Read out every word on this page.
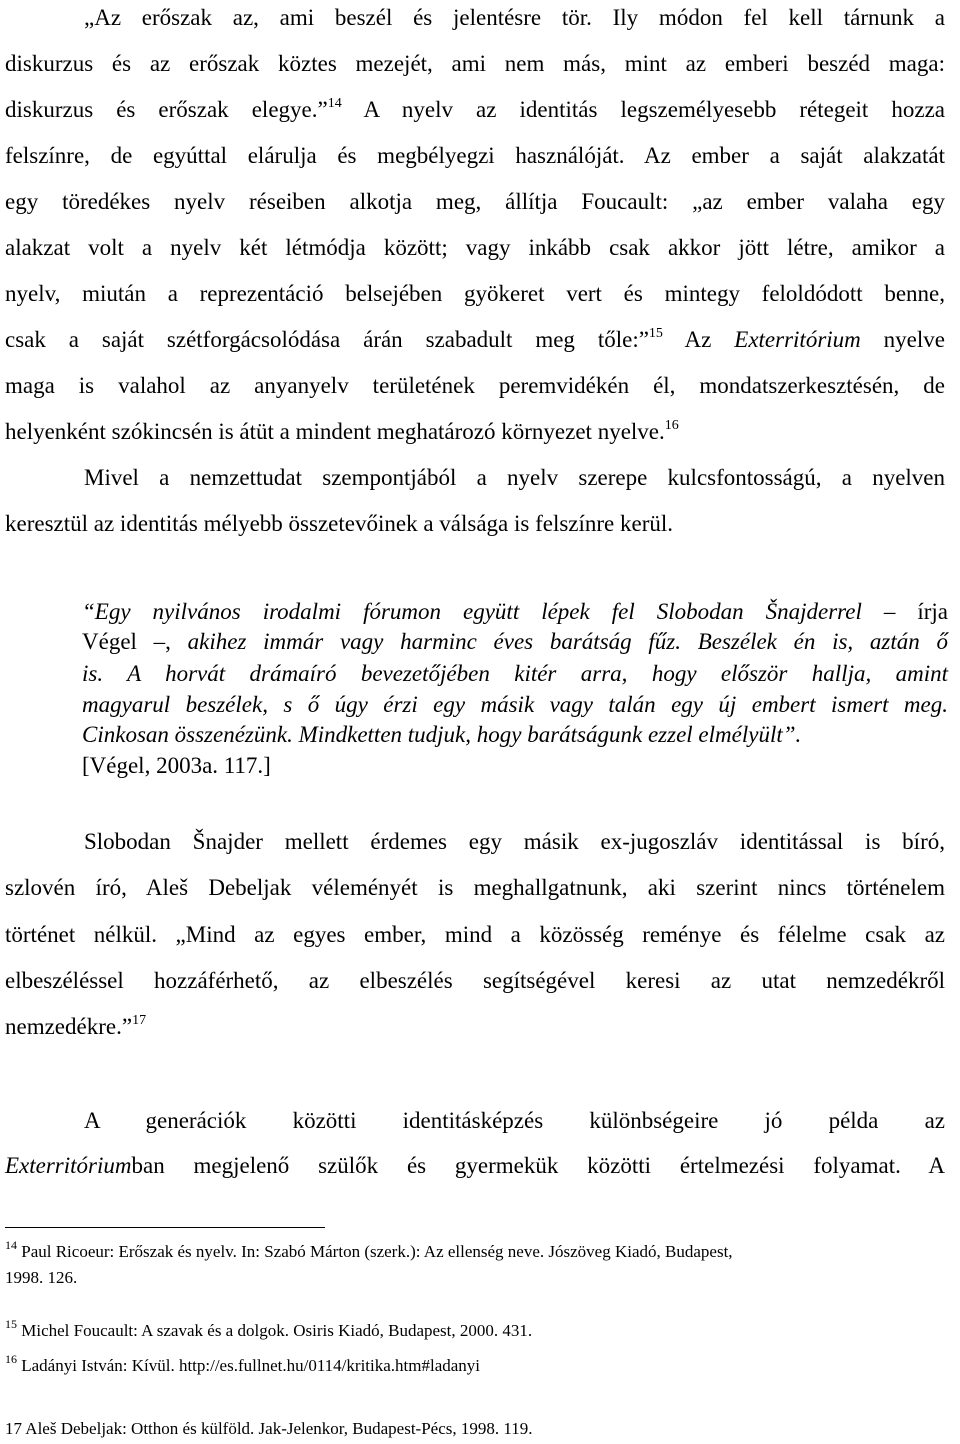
„Az erőszak az, ami beszél és jelentésre tör. Ily módon fel kell tárnunk a
diskurzus és az erőszak köztes mezejét, ami nem más, mint az emberi beszéd maga:
diskurzus és erőszak elegye.”$^{14}$ A nyelv az identitás legszemélyesebb rétegeit hozza
felszínre, de egyúttal elárulja és megbélyegzi használóját. Az ember a saját alakzatát
egy töredékes nyelv réseiben alkotja meg, állítja Foucault: „az ember valaha egy
alakzat volt a nyelv két létmódja között; vagy inkább csak akkor jött létre, amikor a
nyelv, miután a reprezentáció belsejében gyökeret vert és mintegy feloldódott benne,
csak a saját szétforgácsolódása árán szabadult meg tőle:”$^{15}$ Az Exterritórium nyelve
maga is valahol az anyanyelv területének peremvidékén él, mondatszerkesztésén, de
helyenként szókincsén is átüt a mindent meghatározó környezet nyelve.$^{16}$
Mivel a nemzettudat szempontjából a nyelv szerepe kulcsfontosságú, a nyelven
keresztül az identitás mélyebb összetevőinek a válsága is felszínre kerül.
“Egy nyilvános irodalmi fórumon együtt lépek fel Slobodan Šnajderrel – írja
Végel –, akihez immár vagy harminc éves barátság fűz. Beszélek én is, aztán ő
is. A horvát drámaíró bevezetőjében kitér arra, hogy először hallja, amint
magyarul beszélek, s ő úgy érzi egy másik vagy talán egy új embert ismert meg.
Cinkosan összenézünk. Mindketten tudjuk, hogy barátságunk ezzel elmélyült”.
[Végel, 2003a. 117.]
Slobodan Šnajder mellett érdemes egy másik ex-jugoszláv identitással is bíró,
szlovén író, Aleš Debeljak véleményét is meghallgatnunk, aki szerint nincs történelem
történet nélkül. „Mind az egyes ember, mind a közösség reménye és félelme csak az
elbeszéléssel hozzáférhető, az elbeszélés segítségével keresi az utat nemzedékről
nemzedékre.”$^{17}$
A generációk közötti identitásképzés különbségeire jó példa az
Exterritóriumban megjelenő szülők és gyermekük közötti értelmezési folyamat. A
$^{14}$ Paul Ricoeur: Erőszak és nyelv. In: Szabó Márton (szerk.): Az ellenség neve. Jószöveg Kiadó, Budapest,
1998. 126.
$^{15}$ Michel Foucault: A szavak és a dolgok. Osiris Kiadó, Budapest, 2000. 431.
$^{16}$ Ladányi István: Kívül. http://es.fullnet.hu/0114/kritika.htm#ladanyi
17 Aleš Debeljak: Otthon és külföld. Jak-Jelenkor, Budapest-Pécs, 1998. 119.
